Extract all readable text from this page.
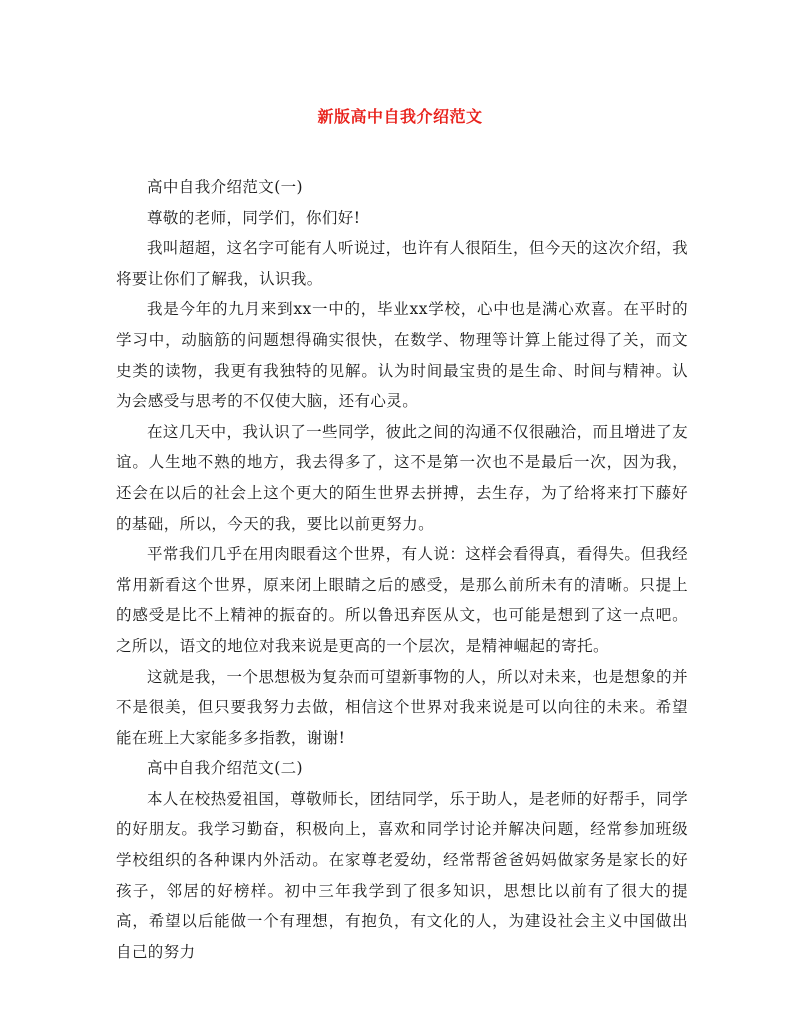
新版高中自我介绍范文

高中自我介绍范文(一)

尊敬的老师，同学们，你们好!

我叫超超，这名字可能有人听说过，也许有人很陌生，但今天的这次介绍，我将要让你们了解我，认识我。

我是今年的九月来到xx一中的，毕业xx学校，心中也是满心欢喜。在平时的学习中，动脑筋的问题想得确实很快，在数学、物理等计算上能过得了关，而文史类的读物，我更有我独特的见解。认为时间最宝贵的是生命、时间与精神。认为会感受与思考的不仅使大脑，还有心灵。

在这几天中，我认识了一些同学，彼此之间的沟通不仅很融洽，而且增进了友谊。人生地不熟的地方，我去得多了，这不是第一次也不是最后一次，因为我，还会在以后的社会上这个更大的陌生世界去拼搏，去生存，为了给将来打下藤好的基础，所以，今天的我，要比以前更努力。

平常我们几乎在用肉眼看这个世界，有人说：这样会看得真，看得失。但我经常用新看这个世界，原来闭上眼睛之后的感受，是那么前所未有的清晰。只提上的感受是比不上精神的振奋的。所以鲁迅弃医从文，也可能是想到了这一点吧。之所以，语文的地位对我来说是更高的一个层次，是精神崛起的寄托。

这就是我，一个思想极为复杂而可望新事物的人，所以对未来，也是想象的并不是很美，但只要我努力去做，相信这个世界对我来说是可以向往的未来。希望能在班上大家能多多指教，谢谢!

高中自我介绍范文(二)

本人在校热爱祖国，尊敬师长，团结同学，乐于助人，是老师的好帮手，同学的好朋友。我学习勤奋，积极向上，喜欢和同学讨论并解决问题，经常参加班级学校组织的各种课内外活动。在家尊老爱幼，经常帮爸爸妈妈做家务是家长的好孩子，邻居的好榜样。初中三年我学到了很多知识，思想比以前有了很大的提高，希望以后能做一个有理想，有抱负，有文化的人，为建设社会主义中国做出自己的努力
